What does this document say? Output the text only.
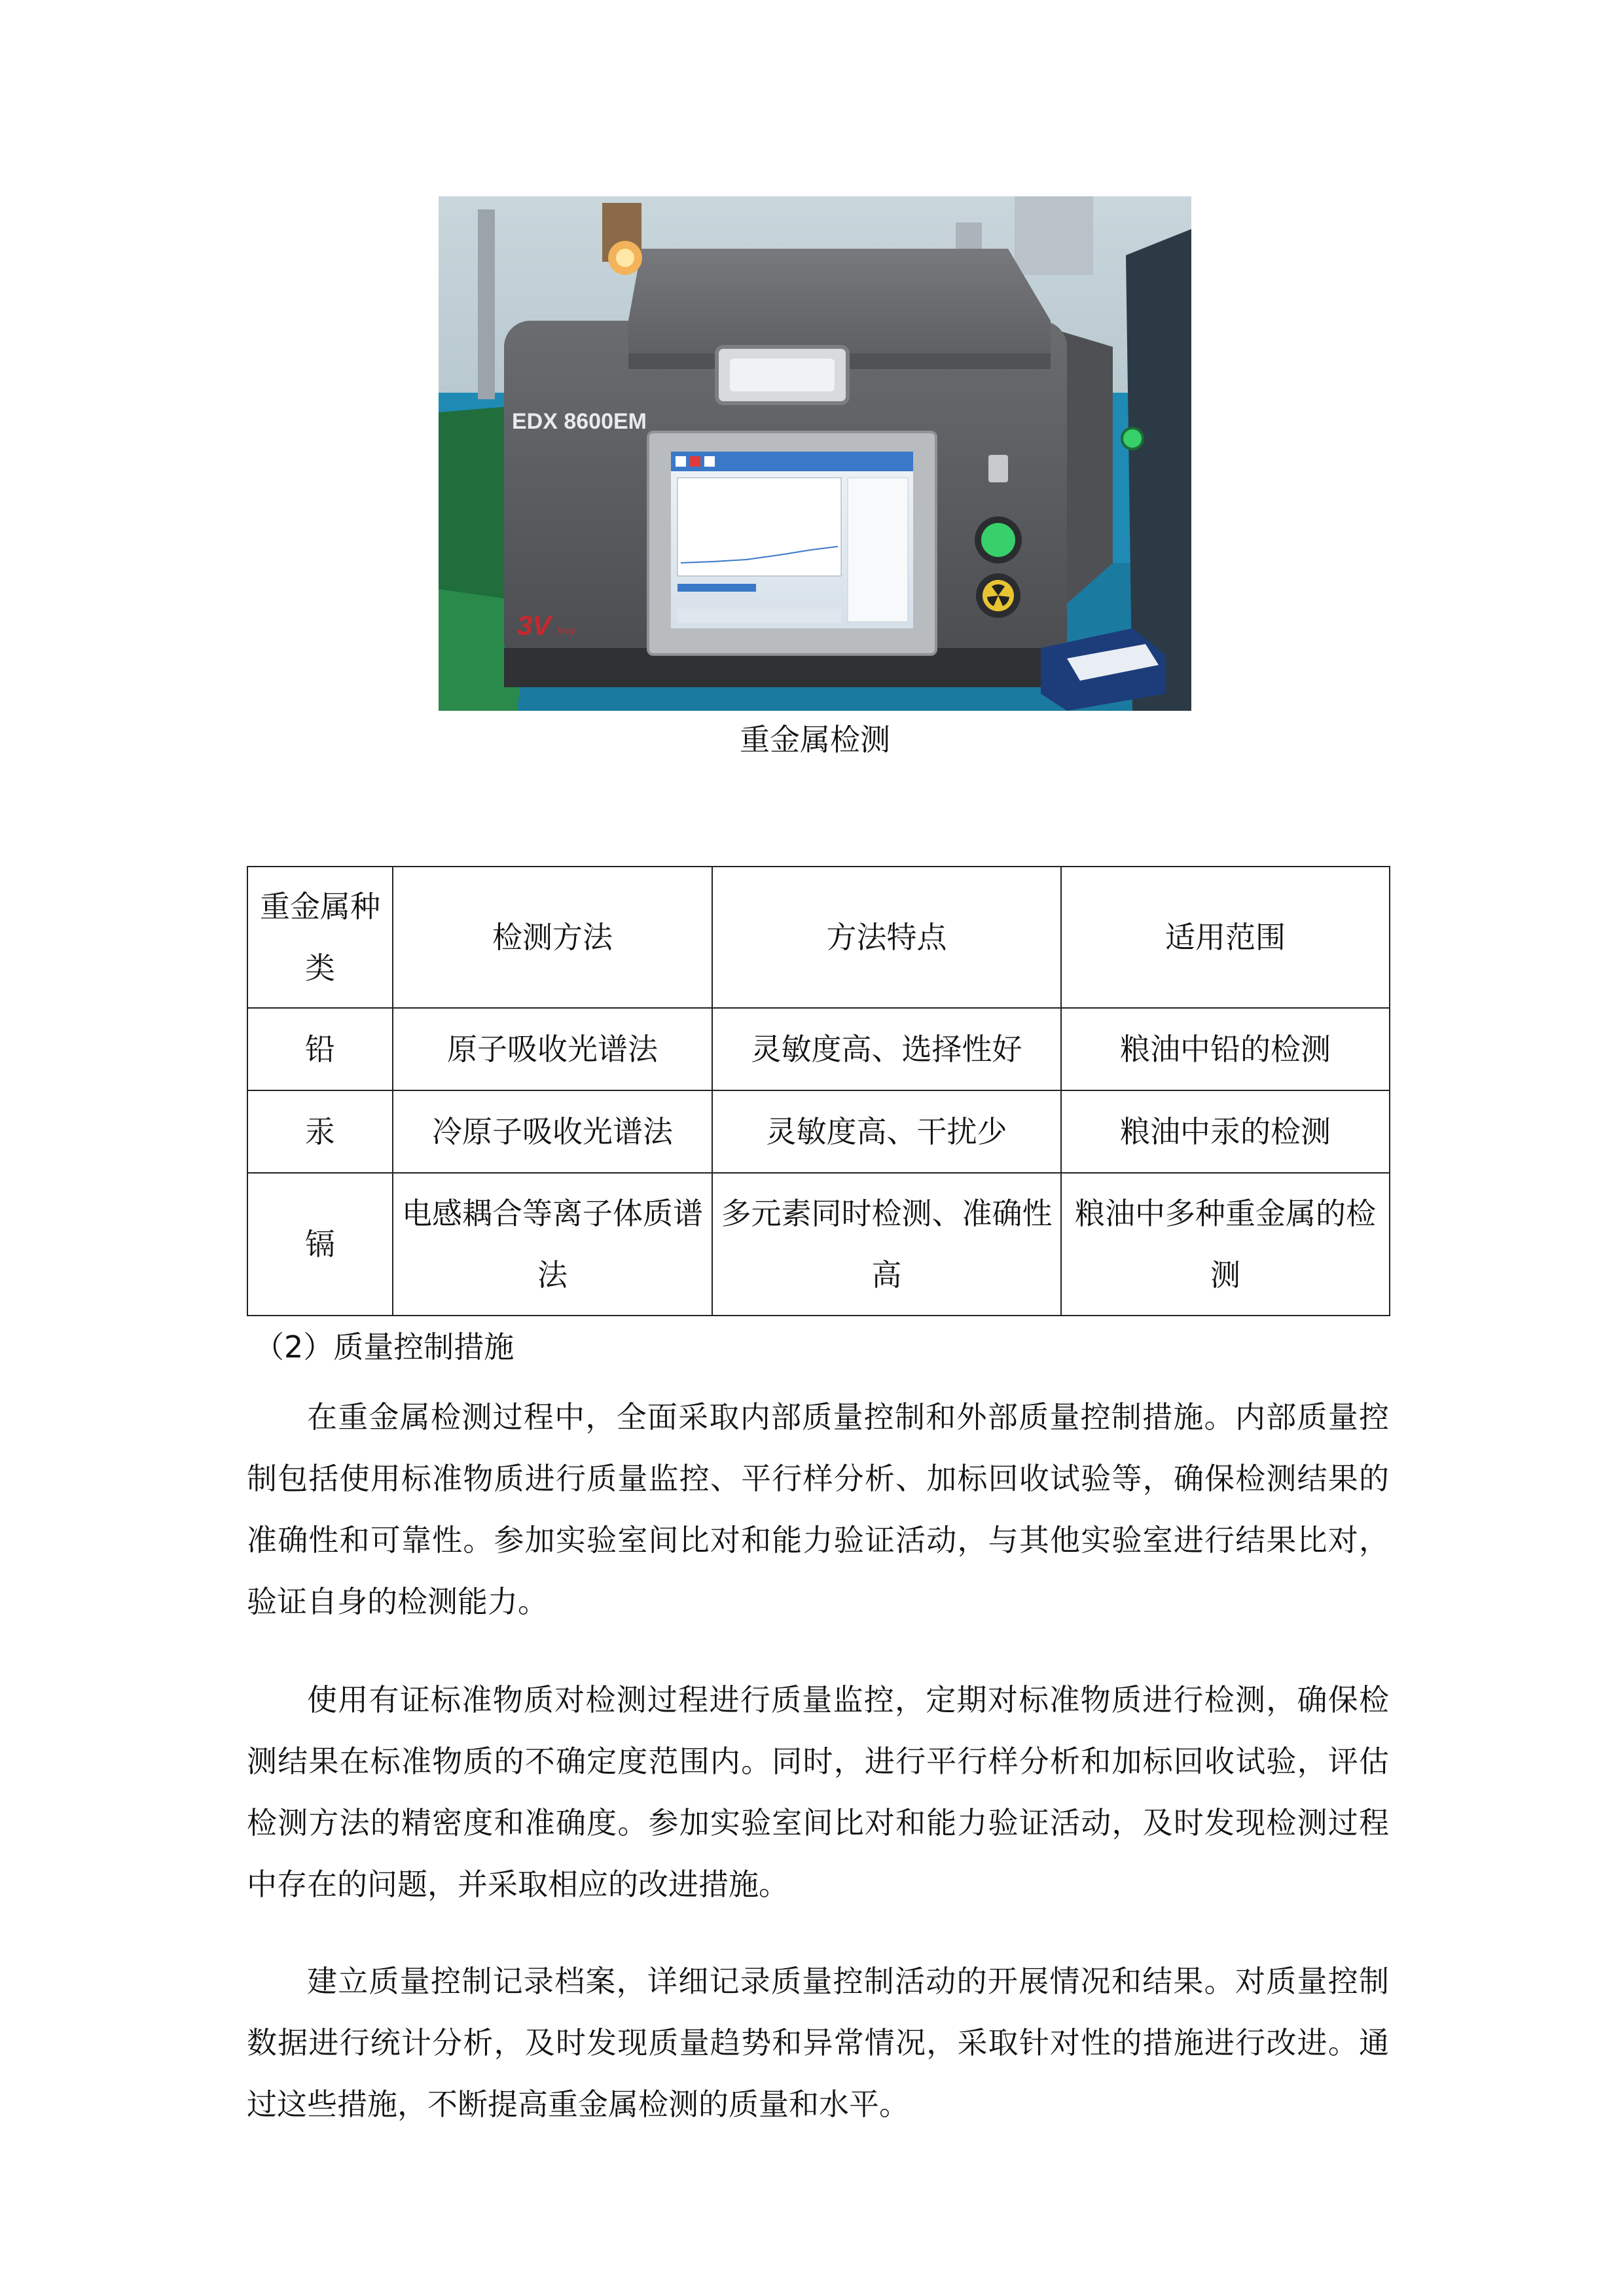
EDX 8600EM
3V Xray
重金属检测
重金属种类	检测方法	方法特点	适用范围
铅	原子吸收光谱法	灵敏度高、选择性好	粮油中铅的检测
汞	冷原子吸收光谱法	灵敏度高、干扰少	粮油中汞的检测
镉	电感耦合等离子体质谱法	多元素同时检测、准确性高	粮油中多种重金属的检测
（2）质量控制措施

在重金属检测过程中，全面采取内部质量控制和外部质量控制措施。内部质量控制包括使用标准物质进行质量监控、平行样分析、加标回收试验等，确保检测结果的准确性和可靠性。参加实验室间比对和能力验证活动，与其他实验室进行结果比对，验证自身的检测能力。

使用有证标准物质对检测过程进行质量监控，定期对标准物质进行检测，确保检测结果在标准物质的不确定度范围内。同时，进行平行样分析和加标回收试验，评估检测方法的精密度和准确度。参加实验室间比对和能力验证活动，及时发现检测过程中存在的问题，并采取相应的改进措施。

建立质量控制记录档案，详细记录质量控制活动的开展情况和结果。对质量控制数据进行统计分析，及时发现质量趋势和异常情况，采取针对性的措施进行改进。通过这些措施，不断提高重金属检测的质量和水平。
